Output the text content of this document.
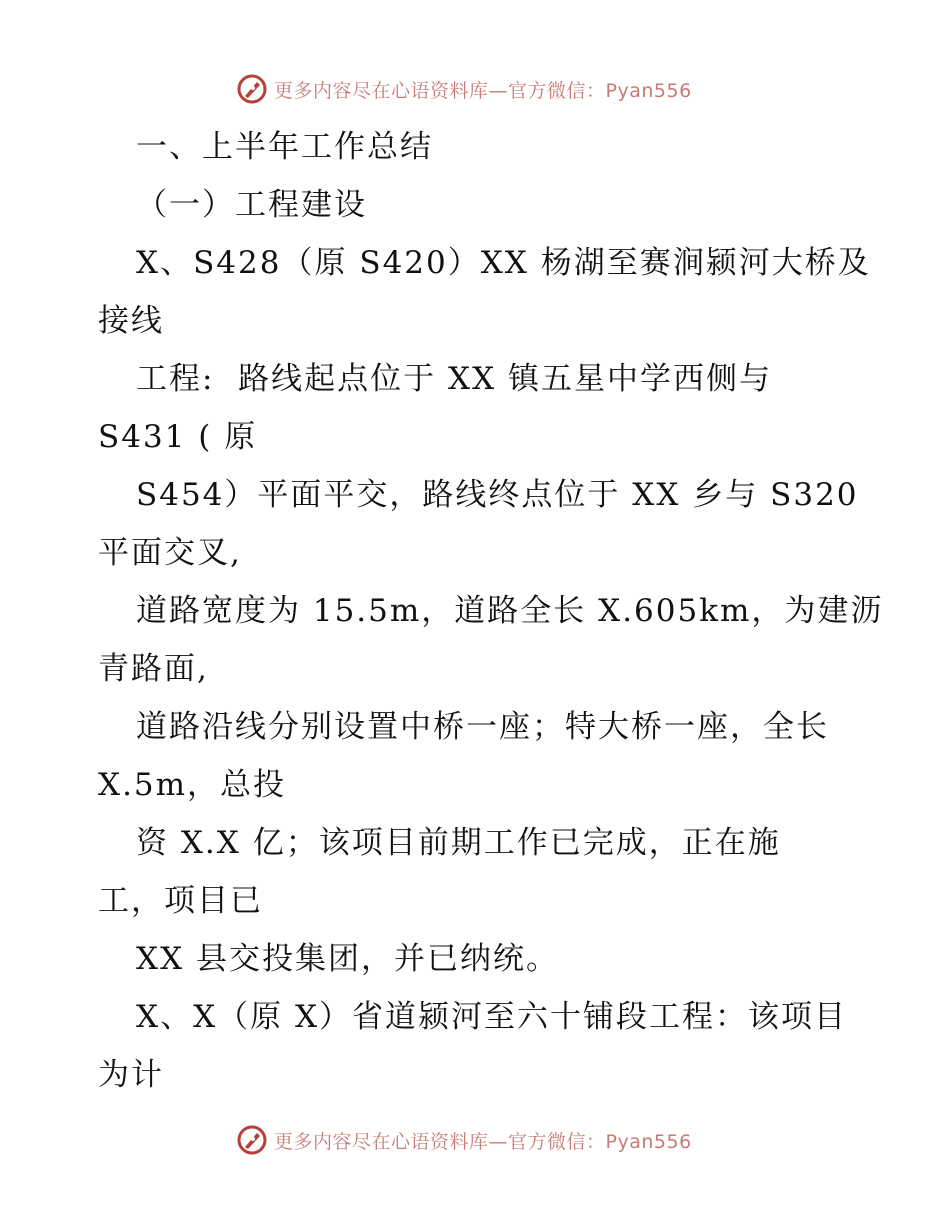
更多内容尽在心语资料库—官方微信：Pyan556
一、上半年工作总结
（一）工程建设
X、S428（原 S420）XX 杨湖至赛涧颍河大桥及
接线
工程:  路线起点位于 XX 镇五星中学西侧与
S431 ( 原
S454）平面平交，路线终点位于 XX 乡与 S320
平面交叉,
道路宽度为 15.5m，道路全长 X.605km，为建沥
青路面,
道路沿线分别设置中桥一座；特大桥一座，全长
X.5m，总投
资 X.X 亿；该项目前期工作已完成，正在施
工，项目已
XX 县交投集团，并已纳统。
X、X（原 X）省道颍河至六十铺段工程：该项目
为计
更多内容尽在心语资料库—官方微信：Pyan556
